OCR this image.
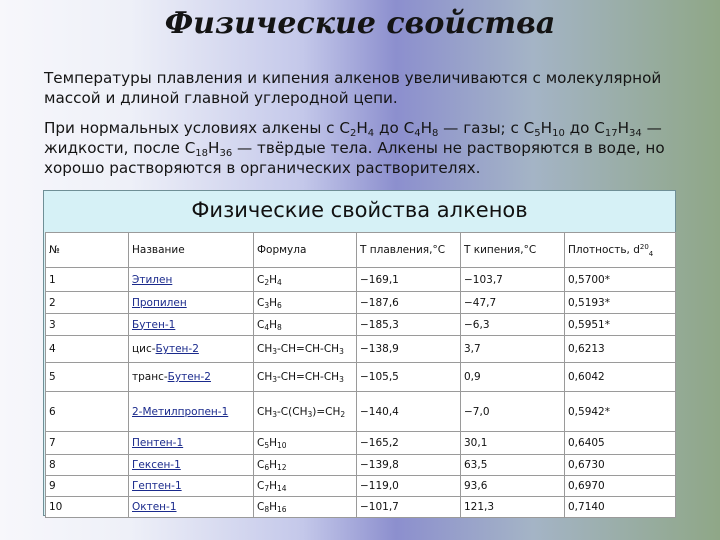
Физические свойства
Температуры плавления и кипения алкенов увеличиваются с молекулярной массой и длиной главной углеродной цепи.
При нормальных условиях алкены с $C_2H_4$ до $C_4H_8$ — газы; с $C_5H_{10}$ до $C_{17}H_{34}$ — жидкости, после $C_{18}H_{36}$ — твёрдые тела. Алкены не растворяются в воде, но хорошо растворяются в органических растворителях.
Физические свойства алкенов
№	Название	Формула	Т плавления,°C	Т кипения,°C	Плотность, $d^{20}_4$
1	Этилен	$C_2H_4$	−169,1	−103,7	0,5700*
2	Пропилен	$C_3H_6$	−187,6	−47,7	0,5193*
3	Бутен-1	$C_4H_8$	−185,3	−6,3	0,5951*
4	цис-Бутен-2	$CH_3-CH=CH-CH_3$	−138,9	3,7	0,6213
5	транс-Бутен-2	$CH_3-CH=CH-CH_3$	−105,5	0,9	0,6042
6	2-Метилпропен-1	$CH_3-C(CH_3)=CH_2$	−140,4	−7,0	0,5942*
7	Пентен-1	$C_5H_{10}$	−165,2	30,1	0,6405
8	Гексен-1	$C_6H_{12}$	−139,8	63,5	0,6730
9	Гептен-1	$C_7H_{14}$	−119,0	93,6	0,6970
10	Октен-1	$C_8H_{16}$	−101,7	121,3	0,7140
